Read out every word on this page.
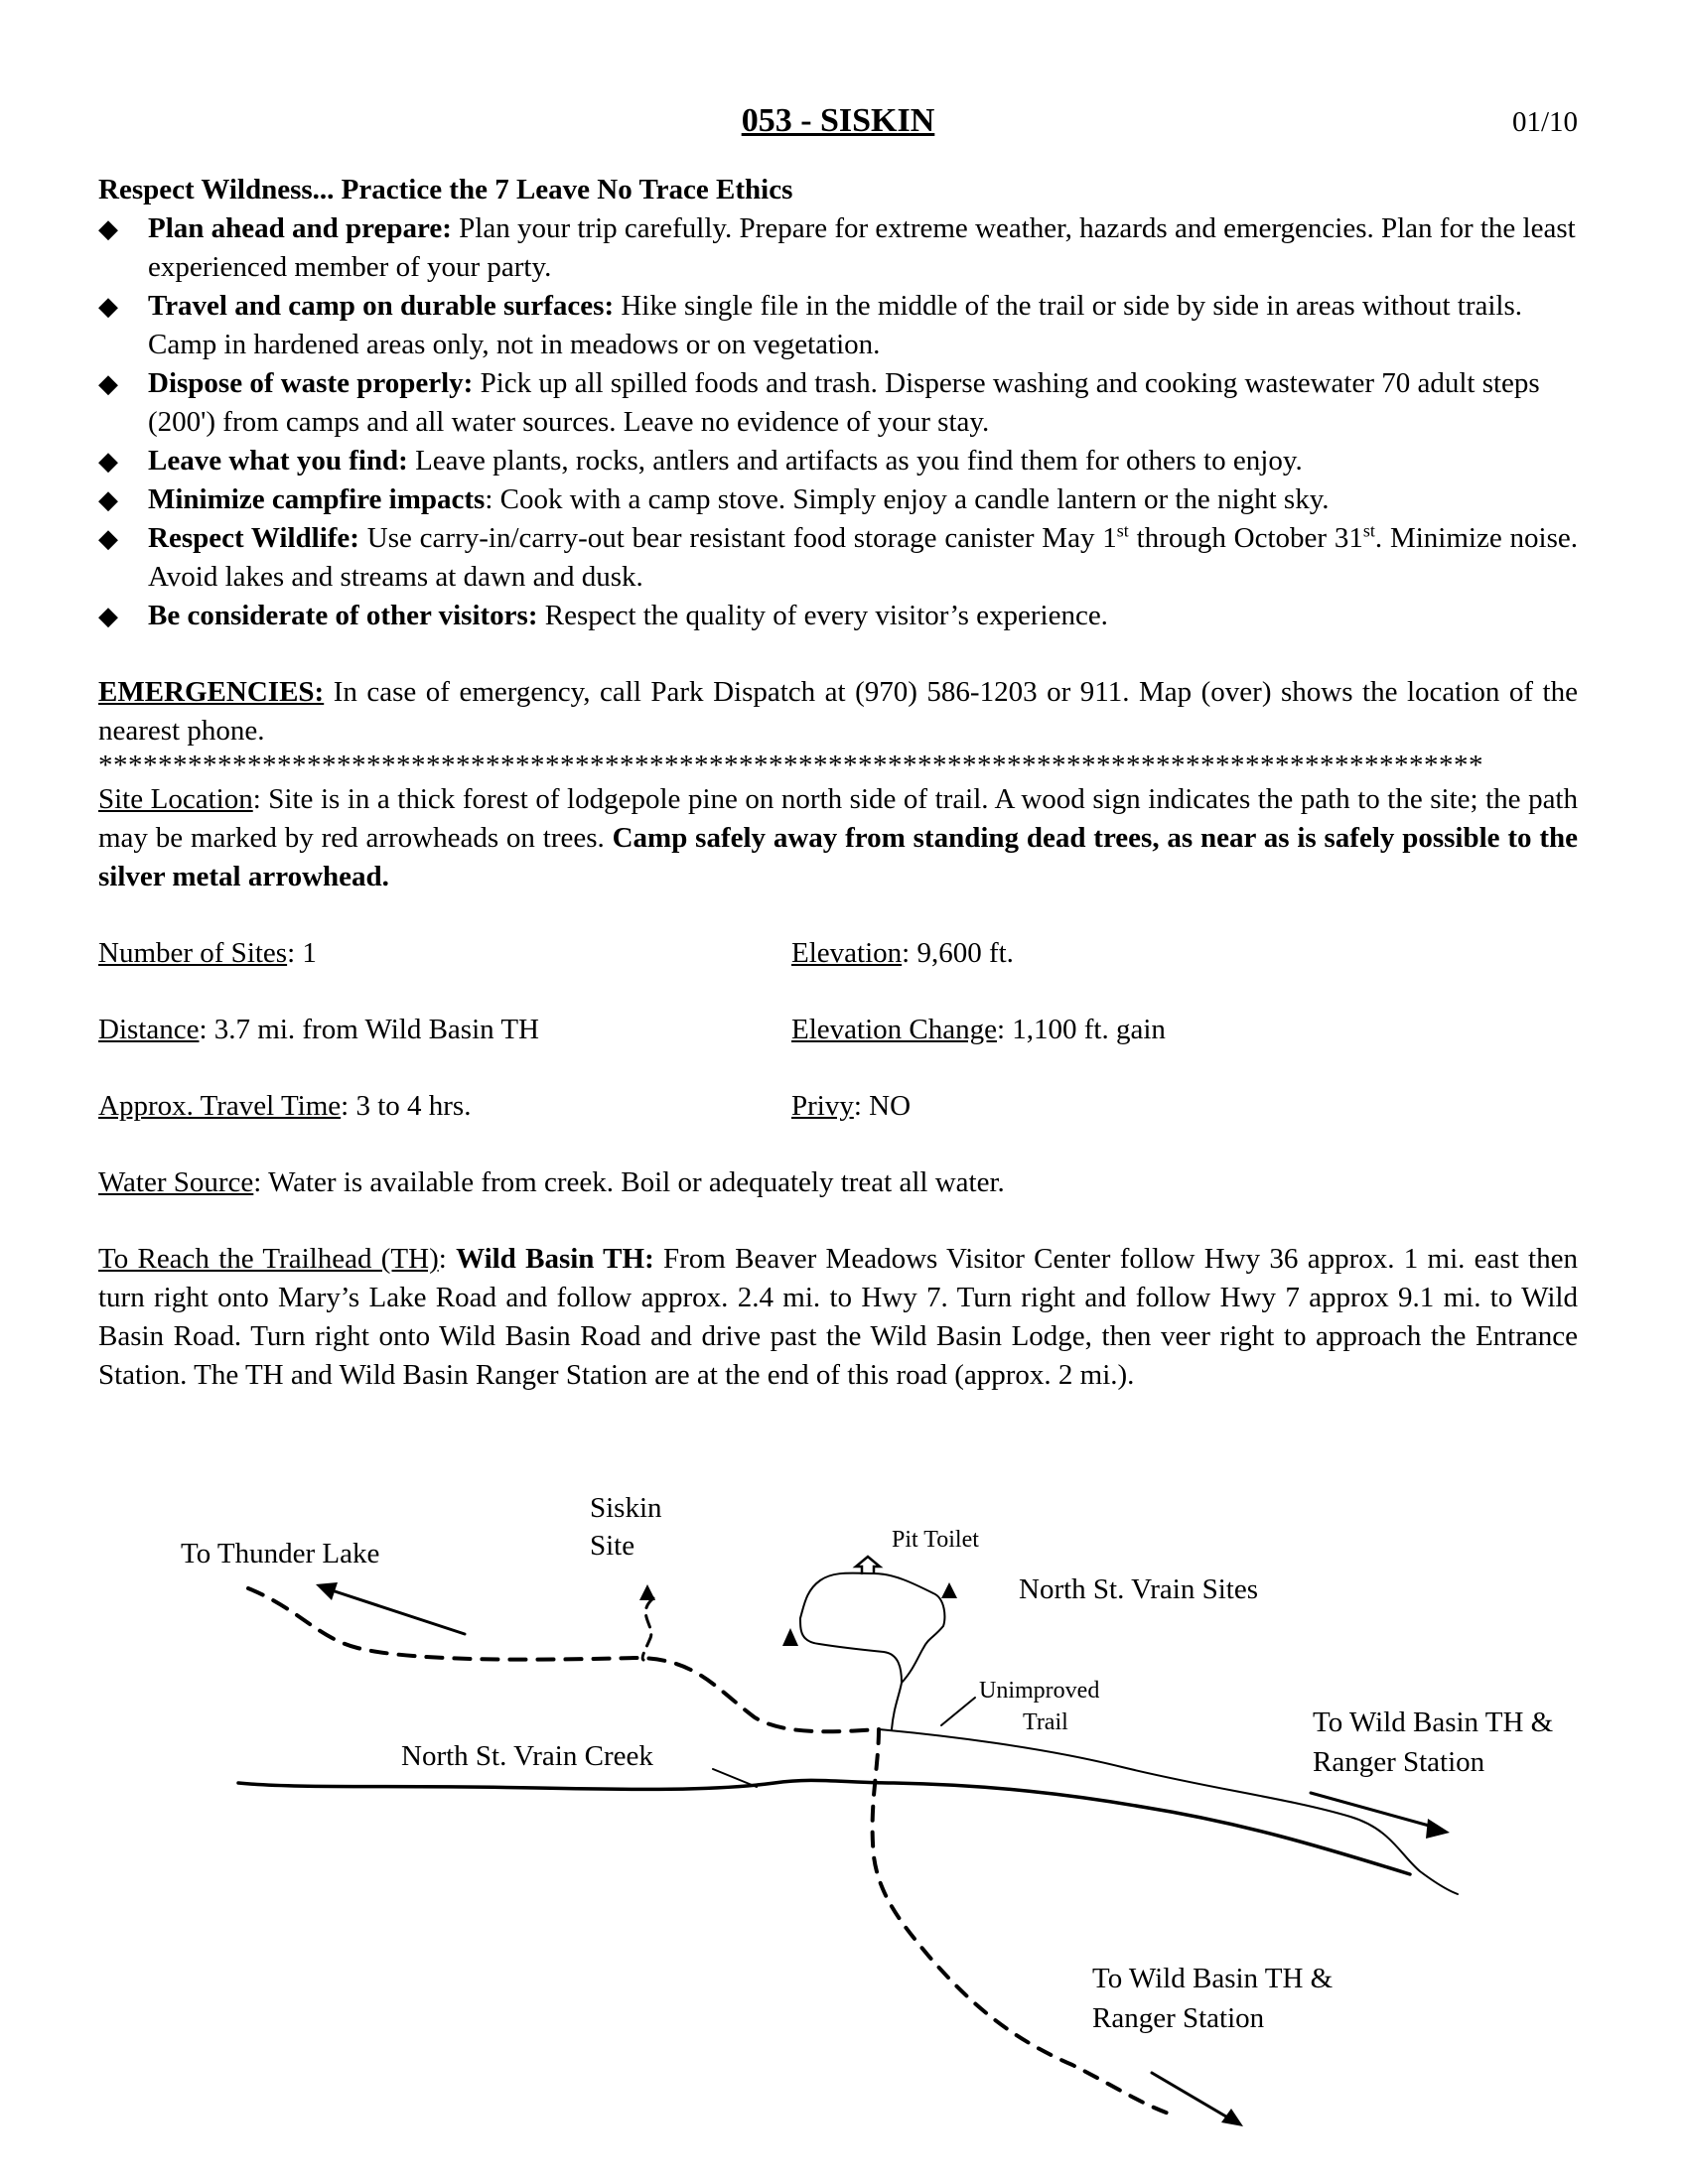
053 - SISKIN	01/10
Respect Wildness... Practice the 7 Leave No Trace Ethics
◆ Plan ahead and prepare: Plan your trip carefully. Prepare for extreme weather, hazards and emergencies. Plan for the least experienced member of your party.
◆ Travel and camp on durable surfaces: Hike single file in the middle of the trail or side by side in areas without trails. Camp in hardened areas only, not in meadows or on vegetation.
◆ Dispose of waste properly: Pick up all spilled foods and trash. Disperse washing and cooking wastewater 70 adult steps (200') from camps and all water sources. Leave no evidence of your stay.
◆ Leave what you find: Leave plants, rocks, antlers and artifacts as you find them for others to enjoy.
◆ Minimize campfire impacts: Cook with a camp stove. Simply enjoy a candle lantern or the night sky.
◆ Respect Wildlife: Use carry-in/carry-out bear resistant food storage canister May 1st through October 31st. Minimize noise. Avoid lakes and streams at dawn and dusk.
◆ Be considerate of other visitors: Respect the quality of every visitor’s experience.
EMERGENCIES: In case of emergency, call Park Dispatch at (970) 586-1203 or 911. Map (over) shows the location of the nearest phone.
*********************************************************************************************
Site Location: Site is in a thick forest of lodgepole pine on north side of trail. A wood sign indicates the path to the site; the path may be marked by red arrowheads on trees. Camp safely away from standing dead trees, as near as is safely possible to the silver metal arrowhead.
Number of Sites: 1	Elevation: 9,600 ft.
Distance: 3.7 mi. from Wild Basin TH	Elevation Change: 1,100 ft. gain
Approx. Travel Time: 3 to 4 hrs.	Privy: NO
Water Source: Water is available from creek. Boil or adequately treat all water.
To Reach the Trailhead (TH): Wild Basin TH: From Beaver Meadows Visitor Center follow Hwy 36 approx. 1 mi. east then turn right onto Mary’s Lake Road and follow approx. 2.4 mi. to Hwy 7. Turn right and follow Hwy 7 approx 9.1 mi. to Wild Basin Road. Turn right onto Wild Basin Road and drive past the Wild Basin Lodge, then veer right to approach the Entrance Station. The TH and Wild Basin Ranger Station are at the end of this road (approx. 2 mi.).
To Thunder Lake
Siskin
Site	Pit Toilet
North St. Vrain Sites
Unimproved
Trail
North St. Vrain Creek
To Wild Basin TH &
Ranger Station
To Wild Basin TH &
Ranger Station
